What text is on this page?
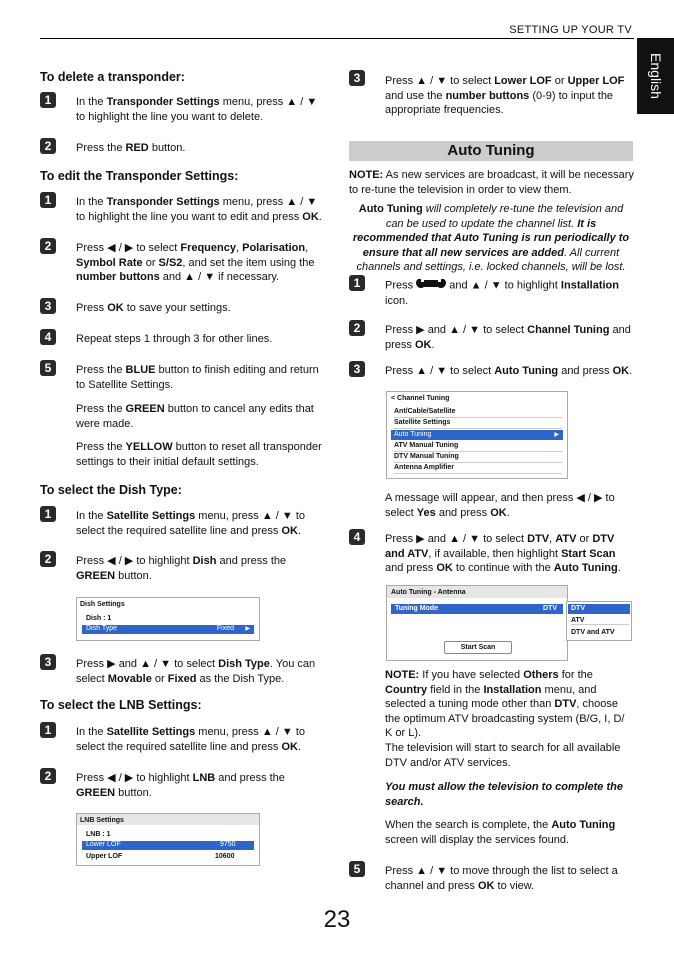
SETTING UP YOUR TV
English
To delete a transponder:
1	In the Transponder Settings menu, press ▲ / ▼
to highlight the line you want to delete.
2	Press the RED button.
To edit the Transponder Settings:
1	In the Transponder Settings menu, press ▲ / ▼
to highlight the line you want to edit and press OK.
2	Press ◀ / ▶ to select Frequency, Polarisation,
Symbol Rate or S/S2, and set the item using the
number buttons and ▲ / ▼ if necessary.
3	Press OK to save your settings.
4	Repeat steps 1 through 3 for other lines.
5	Press the BLUE button to finish editing and return
to Satellite Settings.
Press the GREEN button to cancel any edits that
were made.
Press the YELLOW button to reset all transponder
settings to their initial default settings.
To select the Dish Type:
1	In the Satellite Settings menu, press ▲ / ▼ to
select the required satellite line and press OK.
2	Press ◀ / ▶ to highlight Dish and press the
GREEN button.
Dish Settings
Dish : 1
Dish Type	Fixed ▶
3	Press ▶ and ▲ / ▼ to select Dish Type. You can
select Movable or Fixed as the Dish Type.
To select the LNB Settings:
1	In the Satellite Settings menu, press ▲ / ▼ to
select the required satellite line and press OK.
2	Press ◀ / ▶ to highlight LNB and press the
GREEN button.
LNB Settings
LNB : 1
Lower LOF	9750
Upper LOF	10600
3	Press ▲ / ▼ to select Lower LOF or Upper LOF
and use the number buttons (0-9) to input the
appropriate frequencies.
Auto Tuning
NOTE: As new services are broadcast, it will be necessary
to re-tune the television in order to view them.
Auto Tuning will completely re-tune the television and
can be used to update the channel list. It is
recommended that Auto Tuning is run periodically to
ensure that all new services are added. All current
channels and settings, i.e. locked channels, will be lost.
1	Press	and ▲ / ▼ to highlight Installation
icon.
2	Press ▶ and ▲ / ▼ to select Channel Tuning and
press OK.
3	Press ▲ / ▼ to select Auto Tuning and press OK.
< Channel Tuning
Ant/Cable/Satellite
Satellite Settings
Auto Tuning	▶
ATV Manual Tuning
DTV Manual Tuning
Antenna Amplifier
A message will appear, and then press ◀ / ▶ to
select Yes and press OK.
4	Press ▶ and ▲ / ▼ to select DTV, ATV or DTV
and ATV, if available, then highlight Start Scan
and press OK to continue with the Auto Tuning.
Auto Tuning - Antenna
Tuning Mode	DTV
Start Scan
DTV
ATV
DTV and ATV
NOTE: If you have selected Others for the
Country field in the Installation menu, and
selected a tuning mode other than DTV, choose
the optimum ATV broadcasting system (B/G, I, D/
K or L).
The television will start to search for all available
DTV and/or ATV services.
You must allow the television to complete the
search.
When the search is complete, the Auto Tuning
screen will display the services found.
5	Press ▲ / ▼ to move through the list to select a
channel and press OK to view.
23
